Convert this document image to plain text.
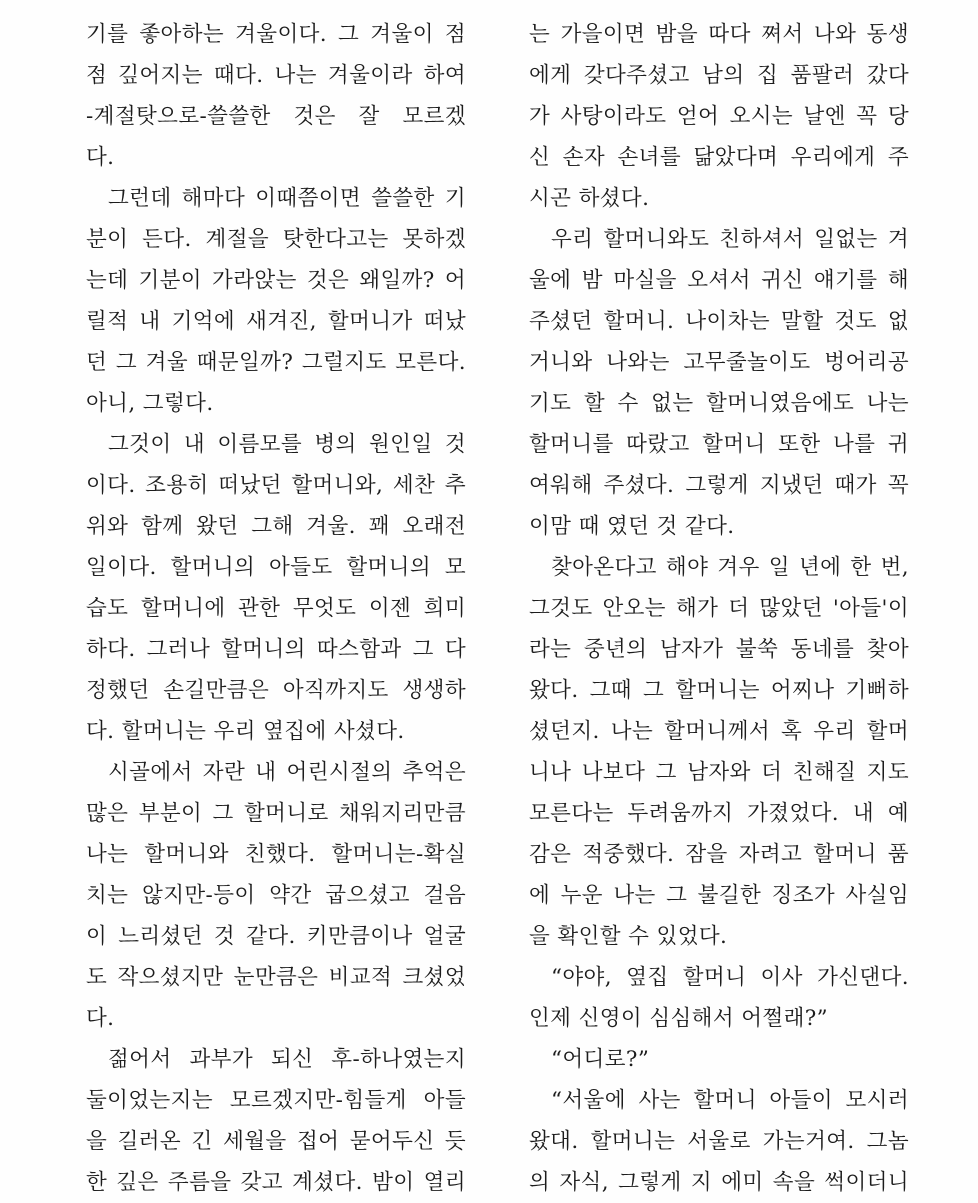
기를 좋아하는 겨울이다. 그 겨울이 점
점 깊어지는 때다. 나는 겨울이라 하여
-계절탓으로-쓸쓸한 것은 잘 모르겠
다.
그런데 해마다 이때쯤이면 쓸쓸한 기
분이 든다. 계절을 탓한다고는 못하겠
는데 기분이 가라앉는 것은 왜일까? 어
릴적 내 기억에 새겨진, 할머니가 떠났
던 그 겨울 때문일까? 그럴지도 모른다.
아니, 그렇다.
그것이 내 이름모를 병의 원인일 것
이다. 조용히 떠났던 할머니와, 세찬 추
위와 함께 왔던 그해 겨울. 꽤 오래전
일이다. 할머니의 아들도 할머니의 모
습도 할머니에 관한 무엇도 이젠 희미
하다. 그러나 할머니의 따스함과 그 다
정했던 손길만큼은 아직까지도 생생하
다. 할머니는 우리 옆집에 사셨다.
시골에서 자란 내 어린시절의 추억은
많은 부분이 그 할머니로 채워지리만큼
나는 할머니와 친했다. 할머니는-확실
치는 않지만-등이 약간 굽으셨고 걸음
이 느리셨던 것 같다. 키만큼이나 얼굴
도 작으셨지만 눈만큼은 비교적 크셨었
다.
젊어서 과부가 되신 후-하나였는지
둘이었는지는 모르겠지만-힘들게 아들
을 길러온 긴 세월을 접어 묻어두신 듯
한 깊은 주름을 갖고 계셨다. 밤이 열리
는 가을이면 밤을 따다 쪄서 나와 동생
에게 갖다주셨고 남의 집 품팔러 갔다
가 사탕이라도 얻어 오시는 날엔 꼭 당
신 손자 손녀를 닮았다며 우리에게 주
시곤 하셨다.
우리 할머니와도 친하셔서 일없는 겨
울에 밤 마실을 오셔서 귀신 얘기를 해
주셨던 할머니. 나이차는 말할 것도 없
거니와 나와는 고무줄놀이도 벙어리공
기도 할 수 없는 할머니였음에도 나는
할머니를 따랐고 할머니 또한 나를 귀
여워해 주셨다. 그렇게 지냈던 때가 꼭
이맘 때 였던 것 같다.
찾아온다고 해야 겨우 일 년에 한 번,
그것도 안오는 해가 더 많았던 '아들'이
라는 중년의 남자가 불쑥 동네를 찾아
왔다. 그때 그 할머니는 어찌나 기뻐하
셨던지. 나는 할머니께서 혹 우리 할머
니나 나보다 그 남자와 더 친해질 지도
모른다는 두려움까지 가졌었다. 내 예
감은 적중했다. 잠을 자려고 할머니 품
에 누운 나는 그 불길한 징조가 사실임
을 확인할 수 있었다.
“야야, 옆집 할머니 이사 가신댄다.
인제 신영이 심심해서 어쩔래?”
“어디로?”
“서울에 사는 할머니 아들이 모시러
왔대. 할머니는 서울로 가는거여. 그놈
의 자식, 그렇게 지 에미 속을 썩이더니
